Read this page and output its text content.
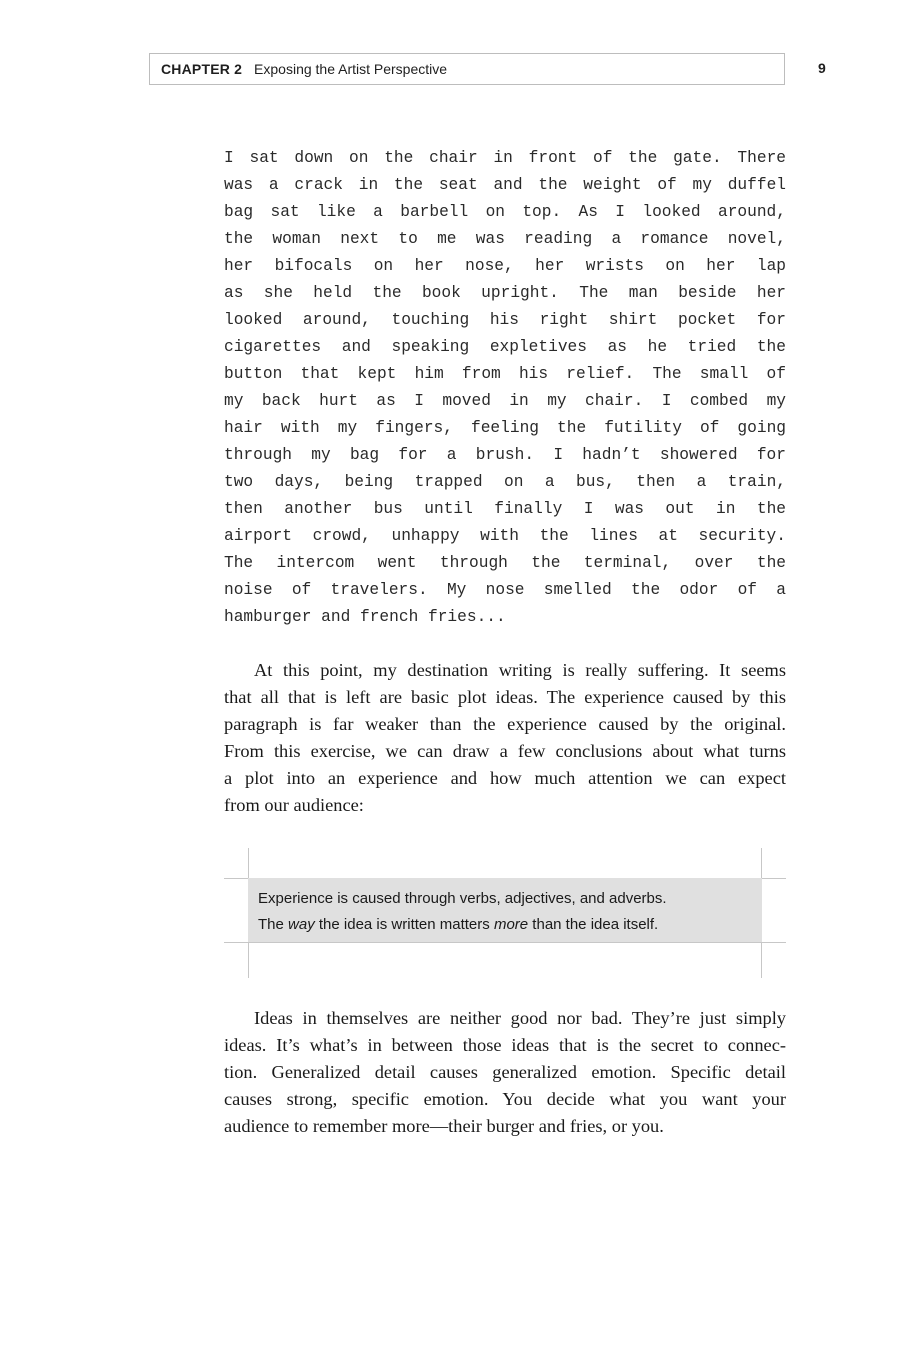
CHAPTER 2 Exposing the Artist Perspective	9
I sat down on the chair in front of the gate. There
was a crack in the seat and the weight of my duffel
bag sat like a barbell on top. As I looked around,
the woman next to me was reading a romance novel,
her bifocals on her nose, her wrists on her lap
as she held the book upright. The man beside her
looked around, touching his right shirt pocket for
cigarettes and speaking expletives as he tried the
button that kept him from his relief. The small of
my back hurt as I moved in my chair. I combed my
hair with my fingers, feeling the futility of going
through my bag for a brush. I hadn’t showered for
two days, being trapped on a bus, then a train,
then another bus until finally I was out in the
airport crowd, unhappy with the lines at security.
The intercom went through the terminal, over the
noise of travelers. My nose smelled the odor of a
hamburger and french fries...
At this point, my destination writing is really suffering. It seems
that all that is left are basic plot ideas. The experience caused by this
paragraph is far weaker than the experience caused by the original.
From this exercise, we can draw a few conclusions about what turns
a plot into an experience and how much attention we can expect
from our audience:
Experience is caused through verbs, adjectives, and adverbs.
The way the idea is written matters more than the idea itself.
Ideas in themselves are neither good nor bad. They’re just simply
ideas. It’s what’s in between those ideas that is the secret to connec-
tion. Generalized detail causes generalized emotion. Specific detail
causes strong, specific emotion. You decide what you want your
audience to remember more—their burger and fries, or you.
